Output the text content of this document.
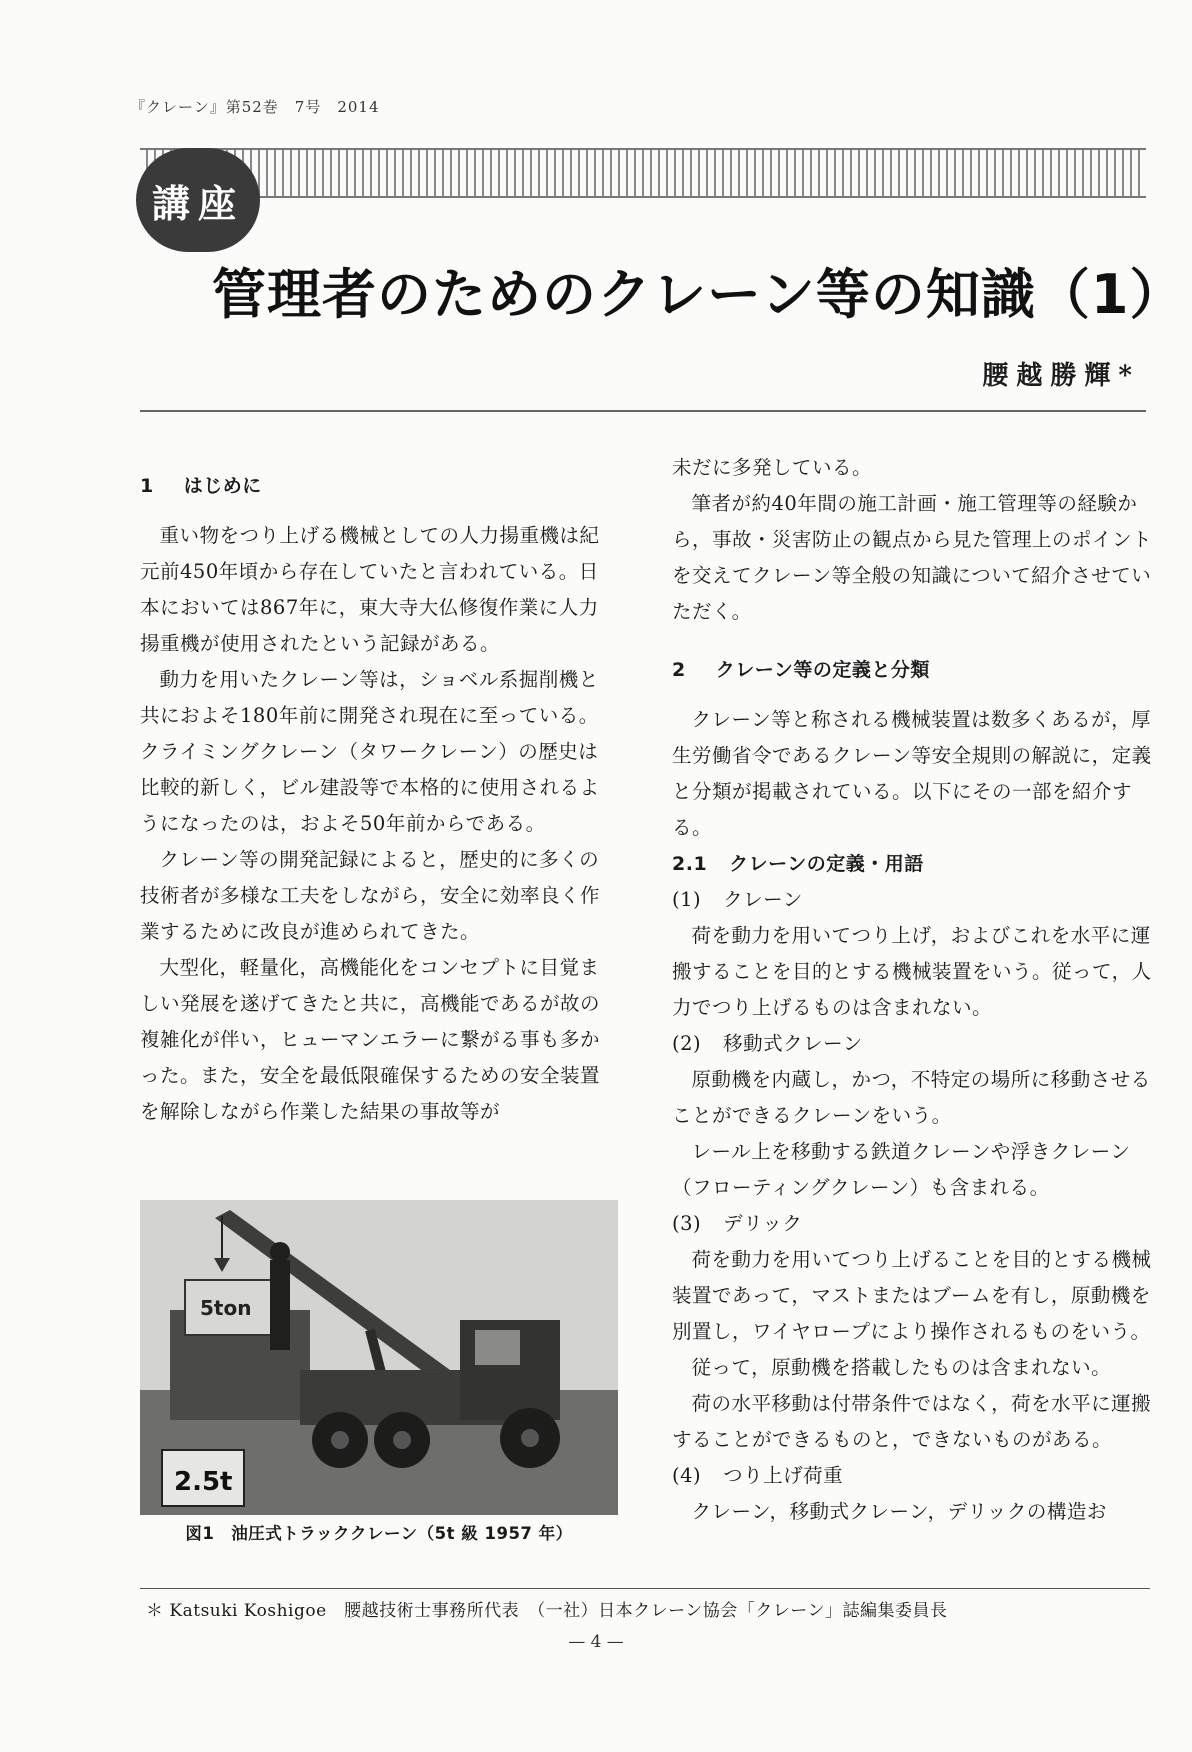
『クレーン』第52巻　7号　2014
講座
管理者のためのクレーン等の知識（1）
腰越勝輝*
1 はじめに

重い物をつり上げる機械としての人力揚重機は紀元前450年頃から存在していたと言われている。日本においては867年に，東大寺大仏修復作業に人力揚重機が使用されたという記録がある。

動力を用いたクレーン等は，ショベル系掘削機と共におよそ180年前に開発され現在に至っている。クライミングクレーン（タワークレーン）の歴史は比較的新しく，ビル建設等で本格的に使用されるようになったのは，およそ50年前からである。

クレーン等の開発記録によると，歴史的に多くの技術者が多様な工夫をしながら，安全に効率良く作業するために改良が進められてきた。

大型化，軽量化，高機能化をコンセプトに目覚ましい発展を遂げてきたと共に，高機能であるが故の複雑化が伴い，ヒューマンエラーに繋がる事も多かった。また，安全を最低限確保するための安全装置を解除しながら作業した結果の事故等が

5ton
2.5t
図1　油圧式トラッククレーン（5t 級 1957 年）
未だに多発している。

筆者が約40年間の施工計画・施工管理等の経験から，事故・災害防止の観点から見た管理上のポイントを交えてクレーン等全般の知識について紹介させていただく。

2 クレーン等の定義と分類

クレーン等と称される機械装置は数多くあるが，厚生労働省令であるクレーン等安全規則の解説に，定義と分類が掲載されている。以下にその一部を紹介する。

2.1 クレーンの定義・用語
(1) クレーン

荷を動力を用いてつり上げ，およびこれを水平に運搬することを目的とする機械装置をいう。従って，人力でつり上げるものは含まれない。

(2) 移動式クレーン

原動機を内蔵し，かつ，不特定の場所に移動させることができるクレーンをいう。

レール上を移動する鉄道クレーンや浮きクレーン（フローティングクレーン）も含まれる。

(3) デリック

荷を動力を用いてつり上げることを目的とする機械装置であって，マストまたはブームを有し，原動機を別置し，ワイヤロープにより操作されるものをいう。

従って，原動機を搭載したものは含まれない。

荷の水平移動は付帯条件ではなく，荷を水平に運搬することができるものと，できないものがある。

(4) つり上げ荷重

クレーン，移動式クレーン，デリックの構造お

＊ Katsuki Koshigoe　腰越技術士事務所代表　（一社）日本クレーン協会「クレーン」誌編集委員長
— 4 —
